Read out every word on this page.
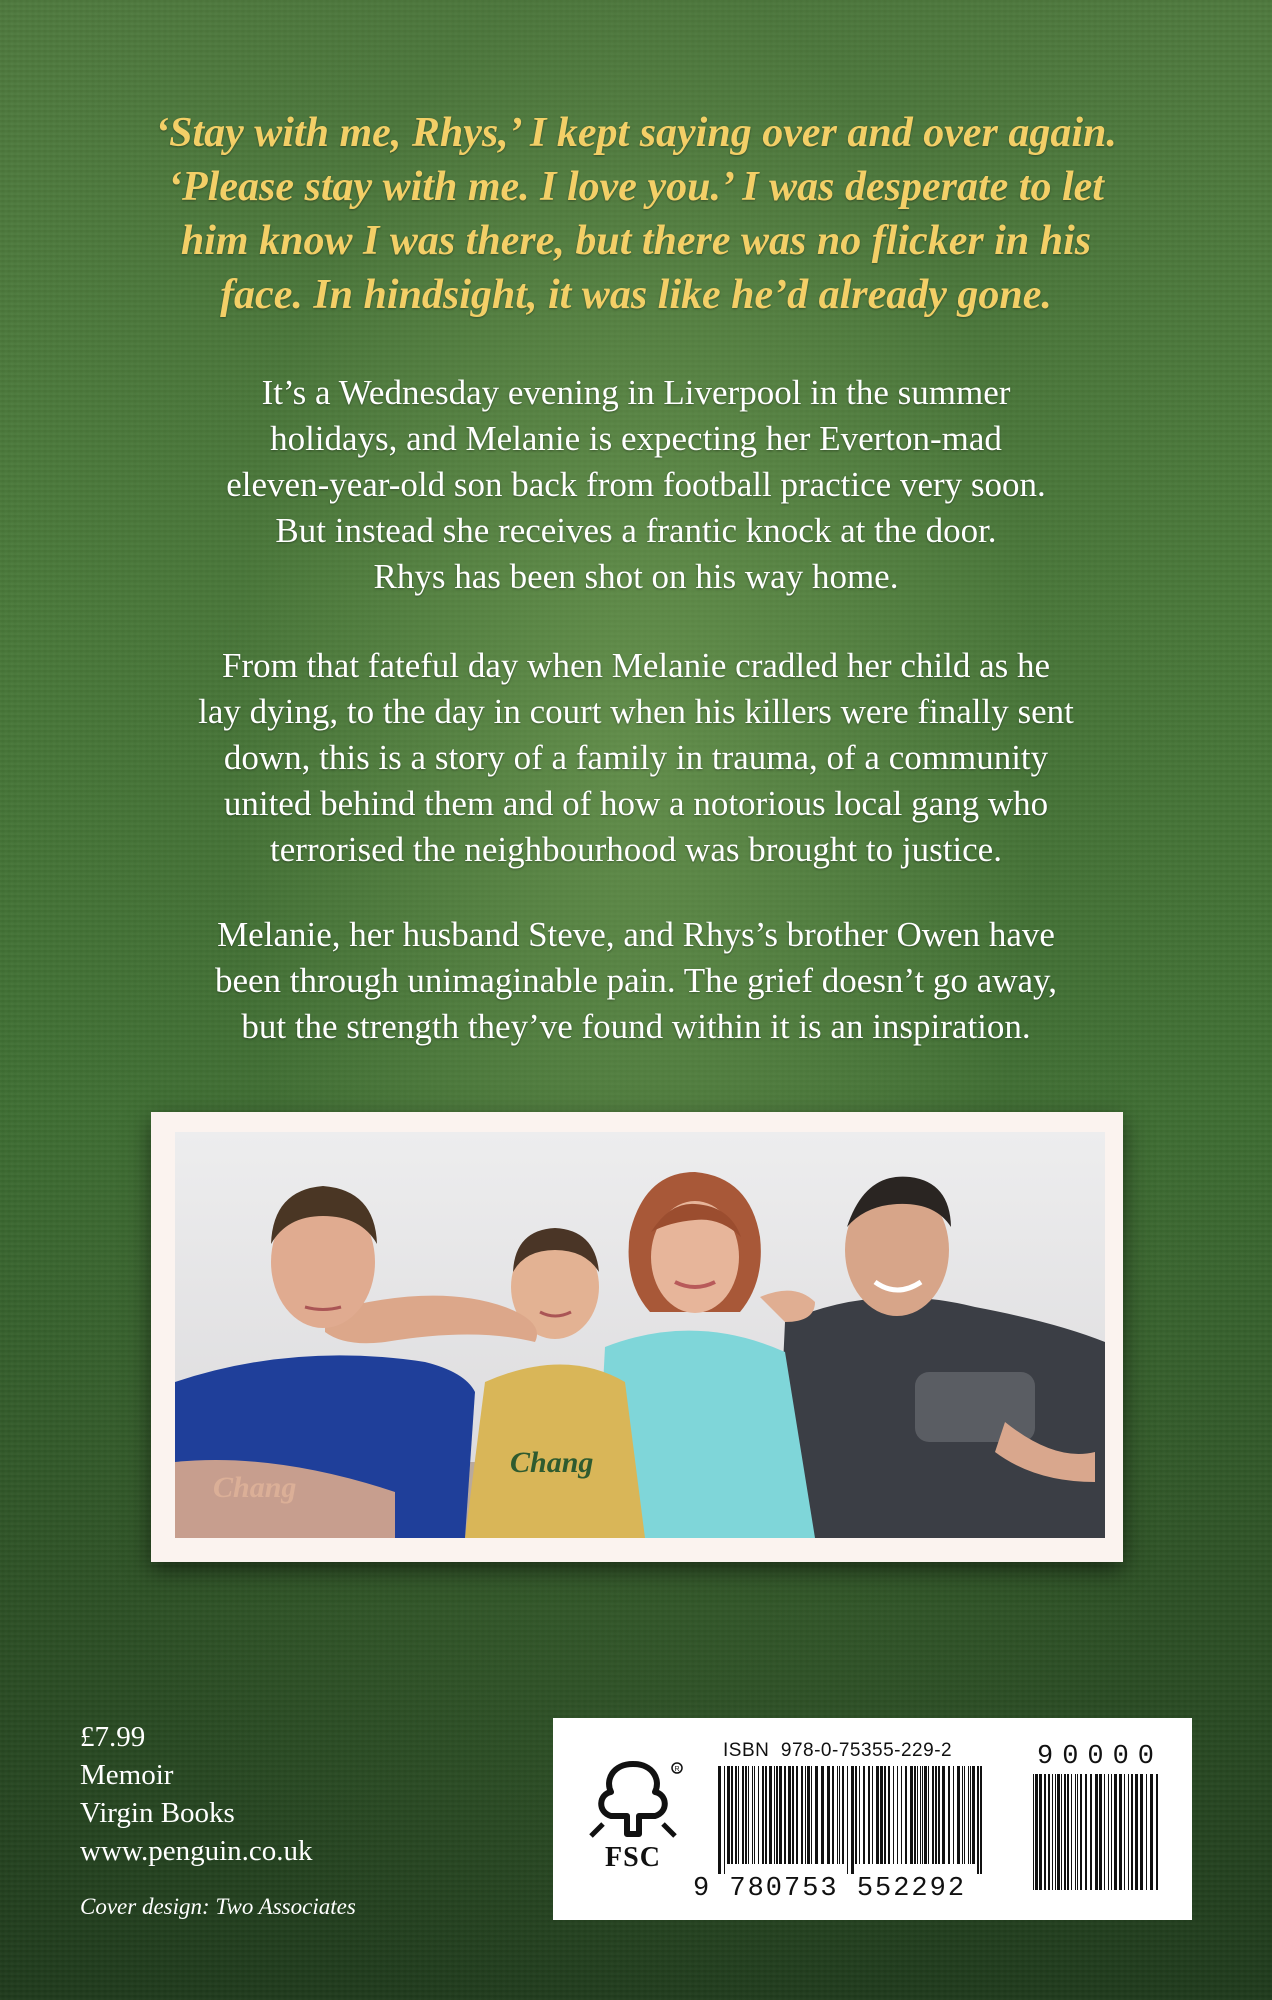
‘Stay with me, Rhys,’ I kept saying over and over again.
‘Please stay with me. I love you.’ I was desperate to let
him know I was there, but there was no flicker in his
face. In hindsight, it was like he’d already gone.
It’s a Wednesday evening in Liverpool in the summer
holidays, and Melanie is expecting her Everton-mad
eleven-year-old son back from football practice very soon.
But instead she receives a frantic knock at the door.
Rhys has been shot on his way home.
From that fateful day when Melanie cradled her child as he
lay dying, to the day in court when his killers were finally sent
down, this is a story of a family in trauma, of a community
united behind them and of how a notorious local gang who
terrorised the neighbourhood was brought to justice.
Melanie, her husband Steve, and Rhys’s brother Owen have
been through unimaginable pain. The grief doesn’t go away,
but the strength they’ve found within it is an inspiration.
Chang
£7.99
Memoir
Virgin Books
www.penguin.co.uk
Cover design: Two Associates
R
FSC
ISBN  978-0-75355-229-2
9 780753 552292
90000
